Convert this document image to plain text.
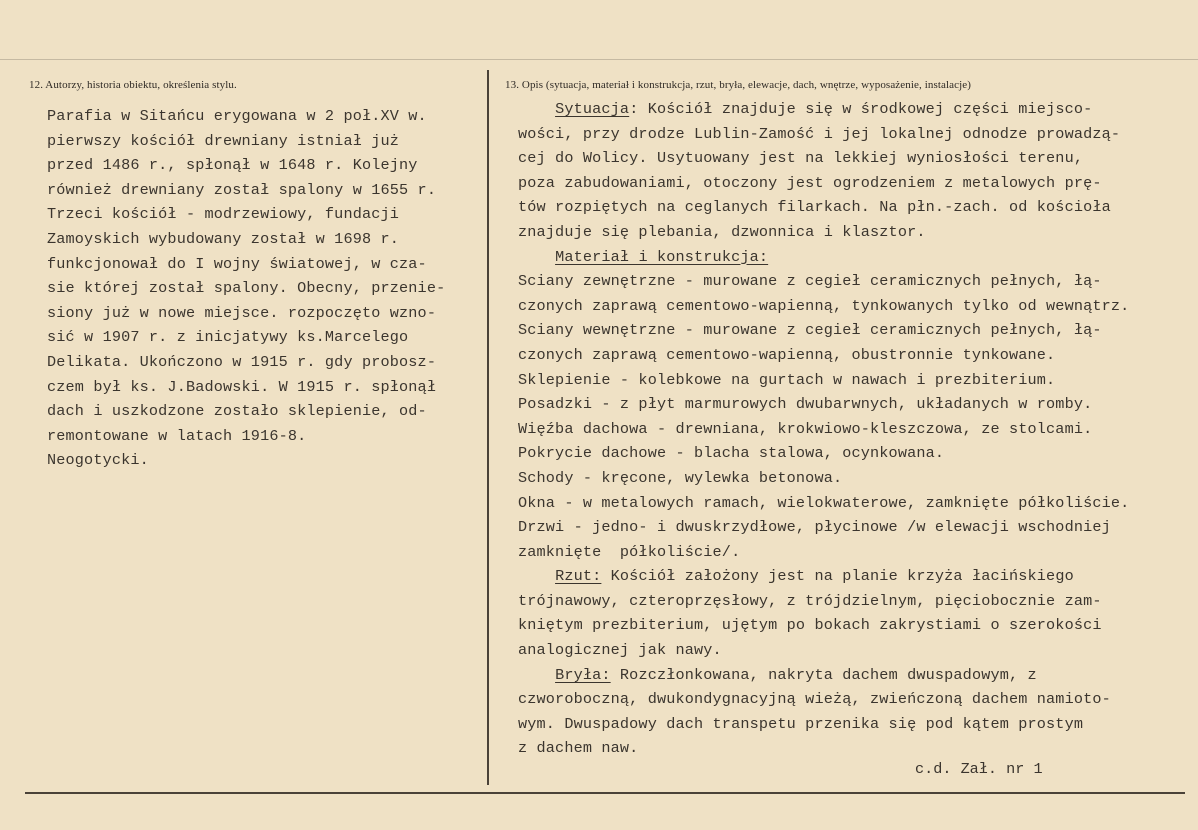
12. Autorzy, historia obiektu, określenia stylu.	13. Opis (sytuacja, materiał i konstrukcja, rzut, bryła, elewacje, dach, wnętrze, wyposażenie, instalacje)
Parafia w Sitańcu erygowana w 2 poł.XV w.
pierwszy kościół drewniany istniał już
przed 1486 r., spłonął w 1648 r. Kolejny
również drewniany został spalony w 1655 r.
Trzeci kościół - modrzewiowy, fundacji
Zamoyskich wybudowany został w 1698 r.
funkcjonował do I wojny światowej, w cza-
sie której został spalony. Obecny, przenie-
siony już w nowe miejsce. rozpoczęto wzno-
sić w 1907 r. z inicjatywy ks.Marcelego
Delikata. Ukończono w 1915 r. gdy probosz-
czem był ks. J.Badowski. W 1915 r. spłonął
dach i uszkodzone zostało sklepienie, od-
remontowane w latach 1916-8.
Neogotycki.
Sytuacja: Kościół znajduje się w środkowej części miejsco-
wości, przy drodze Lublin-Zamość i jej lokalnej odnodze prowadzą-
cej do Wolicy. Usytuowany jest na lekkiej wyniosłości terenu,
poza zabudowaniami, otoczony jest ogrodzeniem z metalowych prę-
tów rozpiętych na ceglanych filarkach. Na płn.-zach. od kościoła
znajduje się plebania, dzwonnica i klasztor.
Materiał i konstrukcja:
Sciany zewnętrzne - murowane z cegieł ceramicznych pełnych, łą-
czonych zaprawą cementowo-wapienną, tynkowanych tylko od wewnątrz.
Sciany wewnętrzne - murowane z cegieł ceramicznych pełnych, łą-
czonych zaprawą cementowo-wapienną, obustronnie tynkowane.
Sklepienie - kolebkowe na gurtach w nawach i prezbiterium.
Posadzki - z płyt marmurowych dwubarwnych, układanych w romby.
Więźba dachowa - drewniana, krokwiowo-kleszczowa, ze stolcami.
Pokrycie dachowe - blacha stalowa, ocynkowana.
Schody - kręcone, wylewka betonowa.
Okna - w metalowych ramach, wielokwaterowe, zamknięte półkoliście.
Drzwi - jedno- i dwuskrzydłowe, płycinowe /w elewacji wschodniej
zamknięte  półkoliście/.
Rzut: Kościół założony jest na planie krzyża łacińskiego
trójnawowy, czteroprzęsłowy, z trójdzielnym, pięciobocznie zam-
kniętym prezbiterium, ujętym po bokach zakrystiami o szerokości
analogicznej jak nawy.
Bryła: Rozczłonkowana, nakryta dachem dwuspadowym, z
czworoboczną, dwukondygnacyjną wieżą, zwieńczoną dachem namioto-
wym. Dwuspadowy dach transpetu przenika się pod kątem prostym
z dachem naw.
c.d. Zał. nr 1
